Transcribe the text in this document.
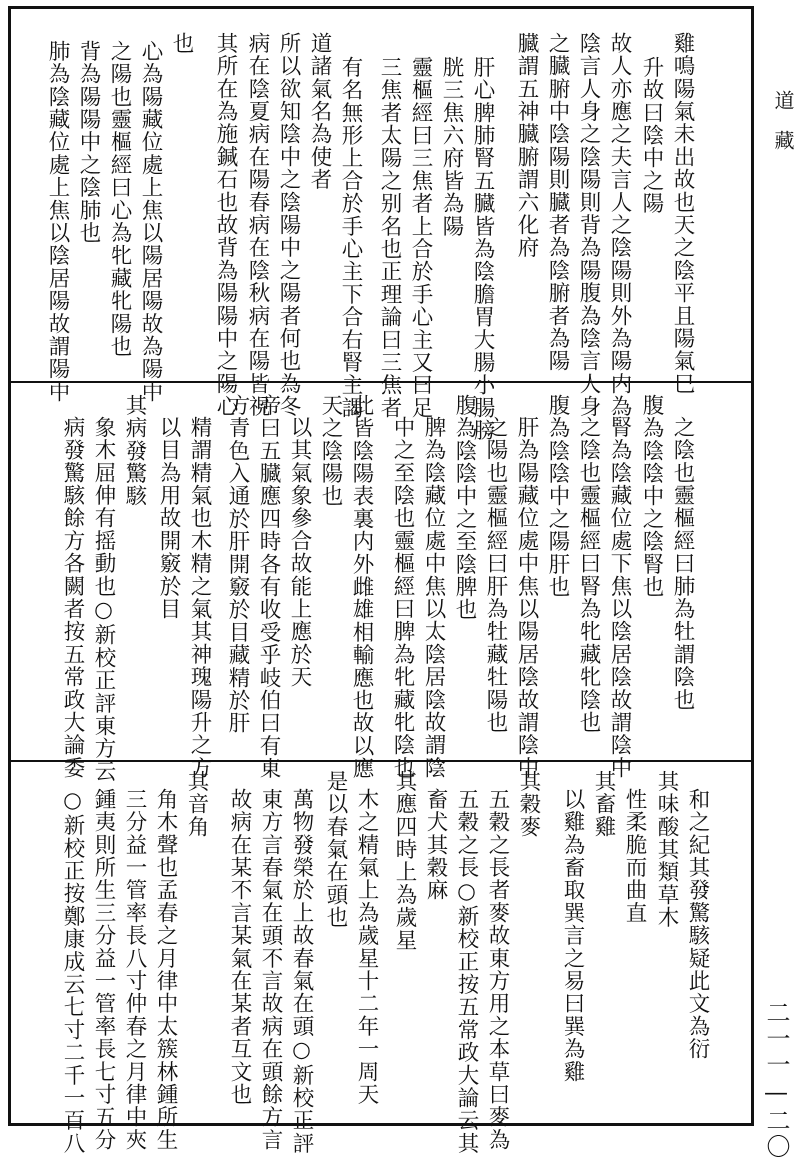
道藏
二一一—二〇
雞鳴陽氣未出故也天之陰平且陽氣巳
升故曰陰中之陽
故人亦應之夫言人之陰陽則外為陽内為
陰言人身之陰陽則背為陽腹為陰言人身
之臓腑中陰陽則臓者為陰腑者為陽
臓謂五神臓腑謂六化府
肝心脾肺腎五臓皆為陰膽胃大腸小腸膀
胱三焦六府皆為陽
靈樞經曰三焦者上合於手心主又曰足
三焦者太陽之别名也正理論曰三焦者
有名無形上合於手心主下合右腎主謁
道諸氣名為使者
所以欲知陰中之陰陽中之陽者何也為冬
病在陰夏病在陽春病在陰秋病在陽皆視
其所在為施鍼石也故背為陽陽中之陽心
也
心為陽藏位處上焦以陽居陽故為陽中
之陽也靈樞經曰心為牝藏牝陽也
背為陽陽中之陰肺也
肺為陰藏位處上焦以陰居陽故謂陽中
之陰也靈樞經曰肺為牡謂陰也
腹為陰陰中之陰腎也
腎為陰藏位處下焦以陰居陰故謂陰中
之陰也靈樞經曰腎為牝藏牝陰也
腹為陰陰中之陽肝也
肝為陽藏位處中焦以陽居陰故謂陰中
之陽也靈樞經曰肝為牡藏牡陽也
腹為陰陰中之至陰脾也
脾為陰藏位處中焦以太陰居陰故謂陰
中之至陰也靈樞經曰脾為牝藏牝陰也
此皆陰陽表裏内外雌雄相輸應也故以應
天之陰陽也
以其氣象參合故能上應於天
帝曰五臓應四時各有收受乎岐伯曰有東
方青色入通於肝開竅於目藏精於肝
精謂精氣也木精之氣其神瑰陽升之方
以目為用故開竅於目
其病發驚駭
象木屈伸有摇動也○新校正評東方云
病發驚駭餘方各闕者按五常政大論委
和之紀其發驚駭疑此文為衍
其味酸其類草木
性柔脆而曲直
其畜雞
以雞為畜取巽言之易曰巽為雞
其穀麥
五穀之長者麥故東方用之本草曰麥為
五穀之長○新校正按五常政大論云其
畜犬其穀麻
其應四時上為歲星
木之精氣上為歲星十二年一周天
是以春氣在頭也
萬物發榮於上故春氣在頭○新校正評
東方言春氣在頭不言故病在頭餘方言
故病在某不言某氣在某者互文也
其音角
角木聲也孟春之月律中太簇林鍾所生
三分益一管率長八寸仲春之月律中夾
鍾夷則所生三分益一管率長七寸五分
○新校正按鄭康成云七寸二千一百八
